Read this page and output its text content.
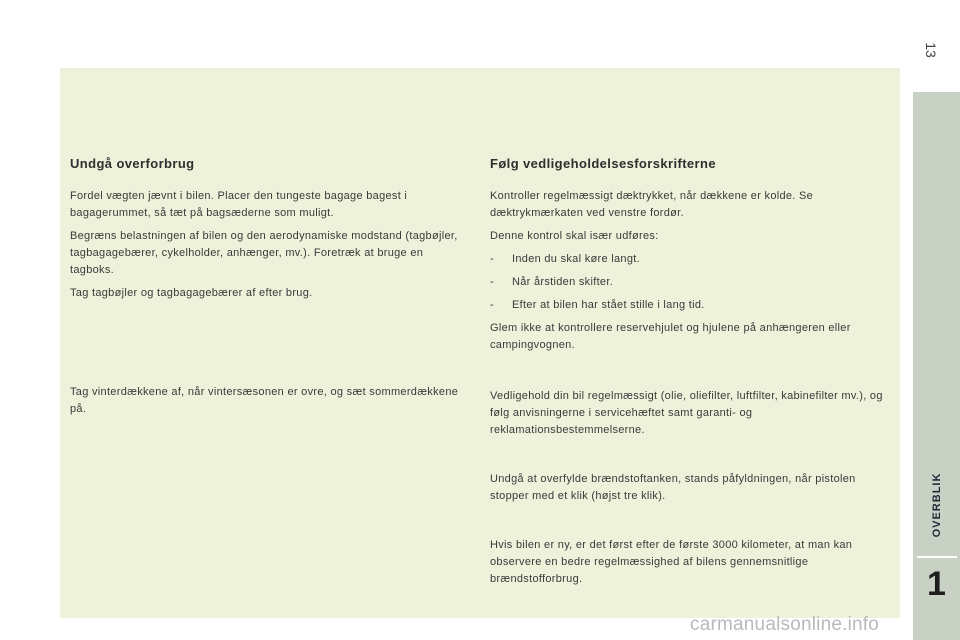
13
Undgå overforbrug

Fordel vægten jævnt i bilen. Placer den tungeste bagage bagest i bagagerummet, så tæt på bagsæderne som muligt.

Begræns belastningen af bilen og den aerodynamiske modstand (tagbøjler, tagbagagebærer, cykelholder, anhænger, mv.). Foretræk at bruge en tagboks.

Tag tagbøjler og tagbagagebærer af efter brug.

Tag vinterdækkene af, når vintersæsonen er ovre, og sæt sommerdækkene på.

Følg vedligeholdelsesforskrifterne

Kontroller regelmæssigt dæktrykket, når dækkene er kolde. Se dæktrykmærkaten ved venstre fordør.

Denne kontrol skal især udføres:

-	Inden du skal køre langt.
-	Når årstiden skifter.
-	Efter at bilen har stået stille i lang tid.

Glem ikke at kontrollere reservehjulet og hjulene på anhængeren eller campingvognen.

Vedligehold din bil regelmæssigt (olie, oliefilter, luftfilter, kabinefilter mv.), og følg anvisningerne i servicehæftet samt garanti- og reklamationsbestemmelserne.

Undgå at overfylde brændstoftanken, stands påfyldningen, når pistolen stopper med et klik (højst tre klik).

Hvis bilen er ny, er det først efter de første 3000 kilometer, at man kan observere en bedre regelmæssighed af bilens gennemsnitlige brændstofforbrug.

OVERBLIK
1
carmanualsonline.info
